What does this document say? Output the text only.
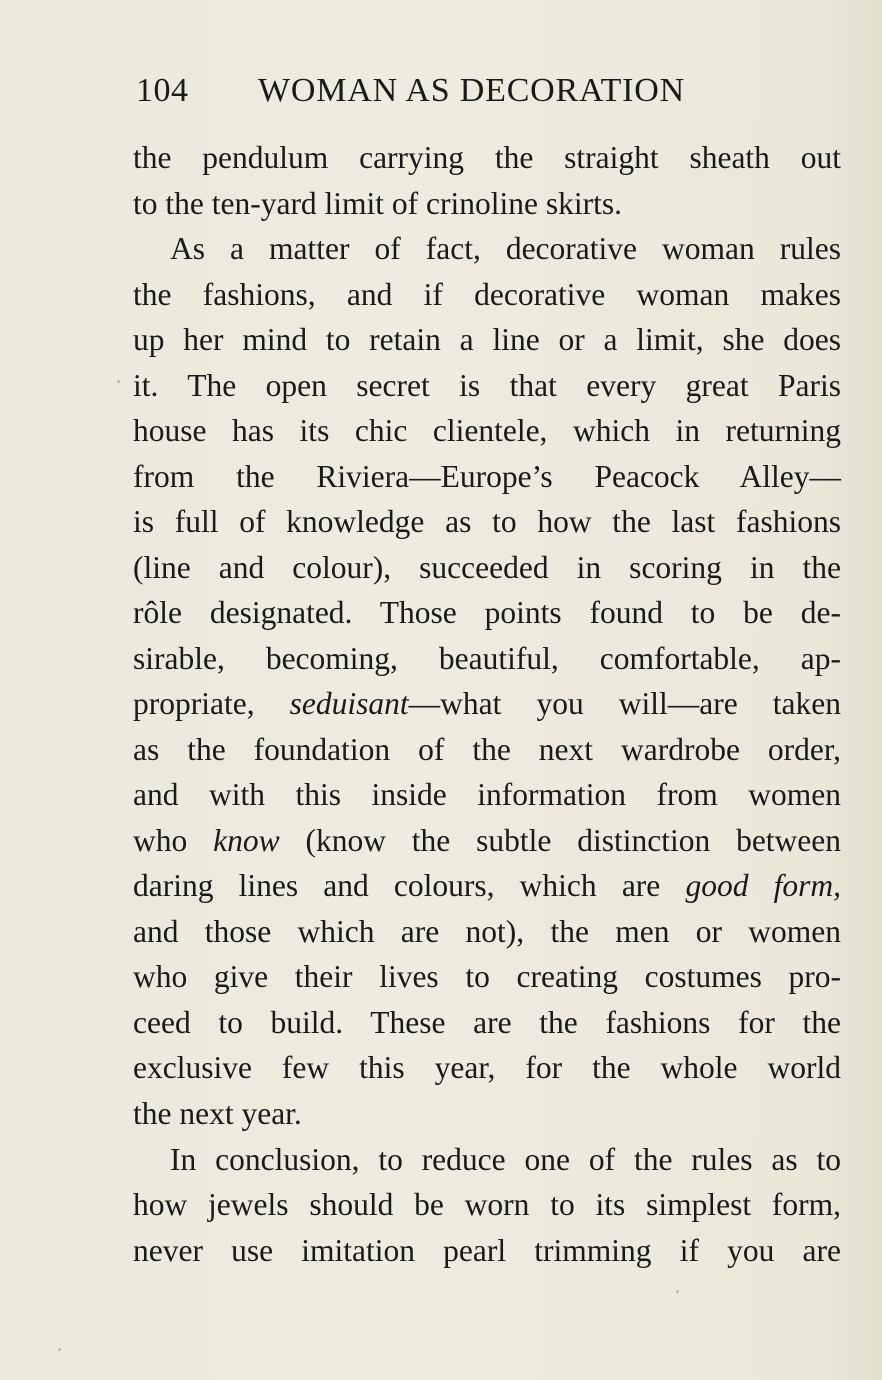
104 WOMAN AS DECORATION
the pendulum carrying the straight sheath out
to the ten-yard limit of crinoline skirts.
As a matter of fact, decorative woman rules
the fashions, and if decorative woman makes
up her mind to retain a line or a limit, she does
it. The open secret is that every great Paris
house has its chic clientele, which in returning
from the Riviera—Europe’s Peacock Alley—
is full of knowledge as to how the last fashions
(line and colour), succeeded in scoring in the
rôle designated. Those points found to be de-
sirable, becoming, beautiful, comfortable, ap-
propriate, seduisant—what you will—are taken
as the foundation of the next wardrobe order,
and with this inside information from women
who know (know the subtle distinction between
daring lines and colours, which are good form,
and those which are not), the men or women
who give their lives to creating costumes pro-
ceed to build. These are the fashions for the
exclusive few this year, for the whole world
the next year.
In conclusion, to reduce one of the rules as to
how jewels should be worn to its simplest form,
never use imitation pearl trimming if you are
